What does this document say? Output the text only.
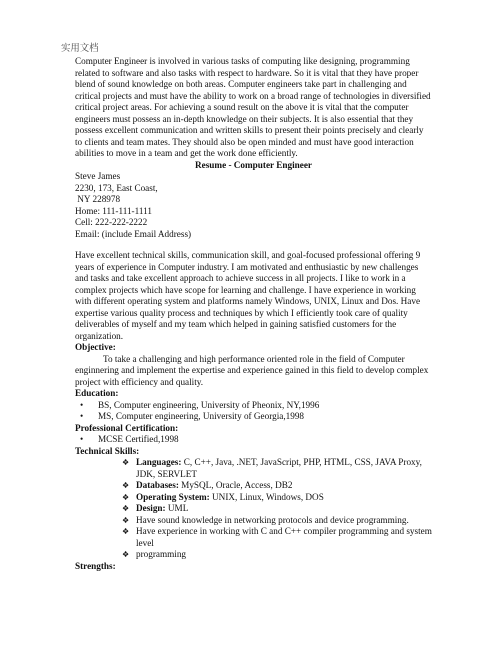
实用文档

Computer Engineer is involved in various tasks of computing like designing, programming related to software and also tasks with respect to hardware. So it is vital that they have proper blend of sound knowledge on both areas. Computer engineers take part in challenging and critical projects and must have the ability to work on a broad range of technologies in diversified critical project areas. For achieving a sound result on the above it is vital that the computer engineers must possess an in-depth knowledge on their subjects. It is also essential that they possess excellent communication and written skills to present their points precisely and clearly to clients and team mates. They should also be open minded and must have good interaction abilities to move in a team and get the work done efficiently.

Resume - Computer Engineer

Steve James

2230, 173, East Coast,

NY 228978

Home: 111-111-1111

Cell: 222-222-2222

Email: (include Email Address)

Have excellent technical skills, communication skill, and goal-focused professional offering 9 years of experience in Computer industry. I am motivated and enthusiastic by new challenges and tasks and take excellent approach to achieve success in all projects. I like to work in a complex projects which have scope for learning and challenge. I have experience in working with different operating system and platforms namely Windows, UNIX, Linux and Dos. Have expertise various quality process and techniques by which I efficiently took care of quality deliverables of myself and my team which helped in gaining satisfied customers for the organization.

Objective:

To take a challenging and high performance oriented role in the field of Computer enginnering and implement the expertise and experience gained in this field to develop complex project with efficiency and quality.

Education:

• BS, Computer engineering, University of Pheonix, NY,1996
• MS, Computer engineering, University of Georgia,1998

Professional Certification:

• MCSE Certified,1998

Technical Skills:

❖ Languages: C, C++, Java, .NET, JavaScript, PHP, HTML, CSS, JAVA Proxy, JDK, SERVLET
❖ Databases: MySQL, Oracle, Access, DB2
❖ Operating System: UNIX, Linux, Windows, DOS
❖ Design: UML
❖ Have sound knowledge in networking protocols and device programming.
❖ Have experience in working with C and C++ compiler programming and system level
❖ programming

Strengths:
